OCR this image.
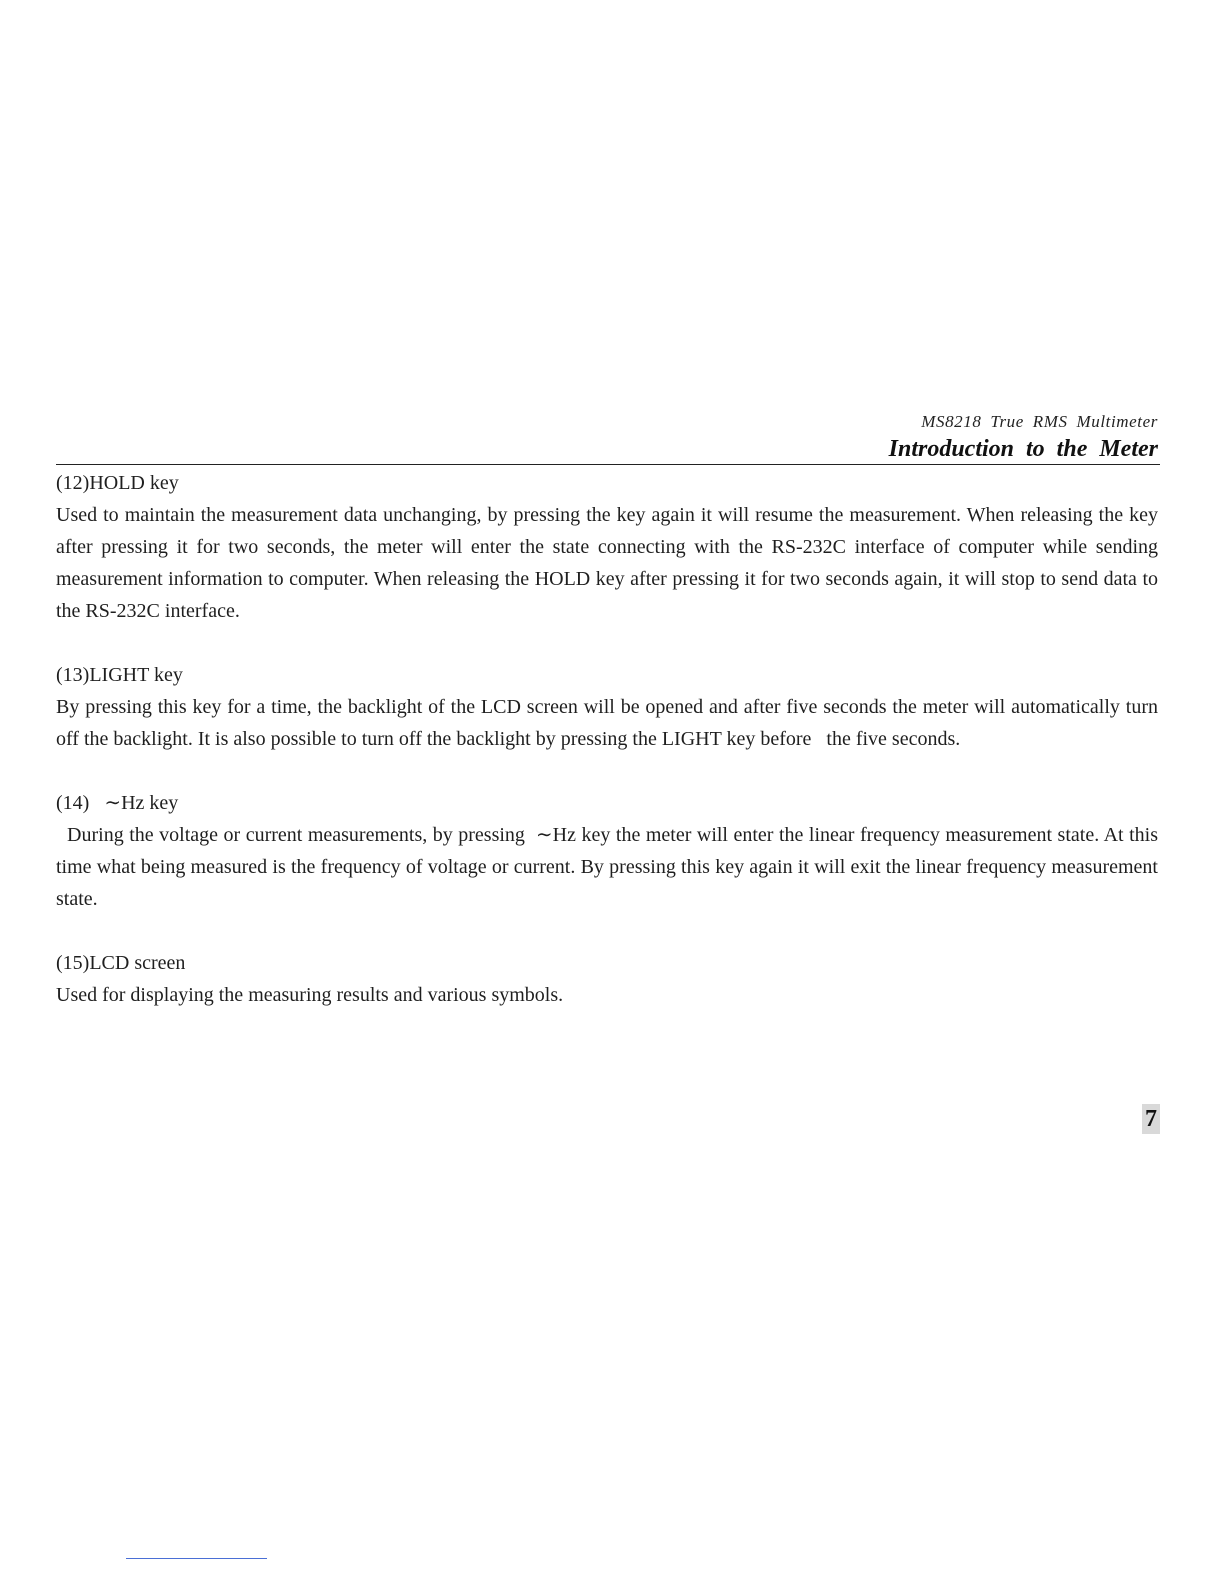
MS8218 True RMS Multimeter
Introduction to the Meter

(12)HOLD key

Used to maintain the measurement data unchanging, by pressing the key again it will resume the measurement. When releasing the key after pressing it for two seconds, the meter will enter the state connecting with the RS-232C interface of computer while sending measurement information to computer. When releasing the HOLD key after pressing it for two seconds again, it will stop to send data to the RS-232C interface.

(13)LIGHT key

By pressing this key for a time, the backlight of the LCD screen will be opened and after five seconds the meter will automatically turn off the backlight. It is also possible to turn off the backlight by pressing the LIGHT key before   the five seconds.

(14)   ∼Hz key

During the voltage or current measurements, by pressing  ∼Hz key the meter will enter the linear frequency measurement state. At this time what being measured is the frequency of voltage or current. By pressing this key again it will exit the linear frequency measurement state.

(15)LCD screen

Used for displaying the measuring results and various symbols.

7
